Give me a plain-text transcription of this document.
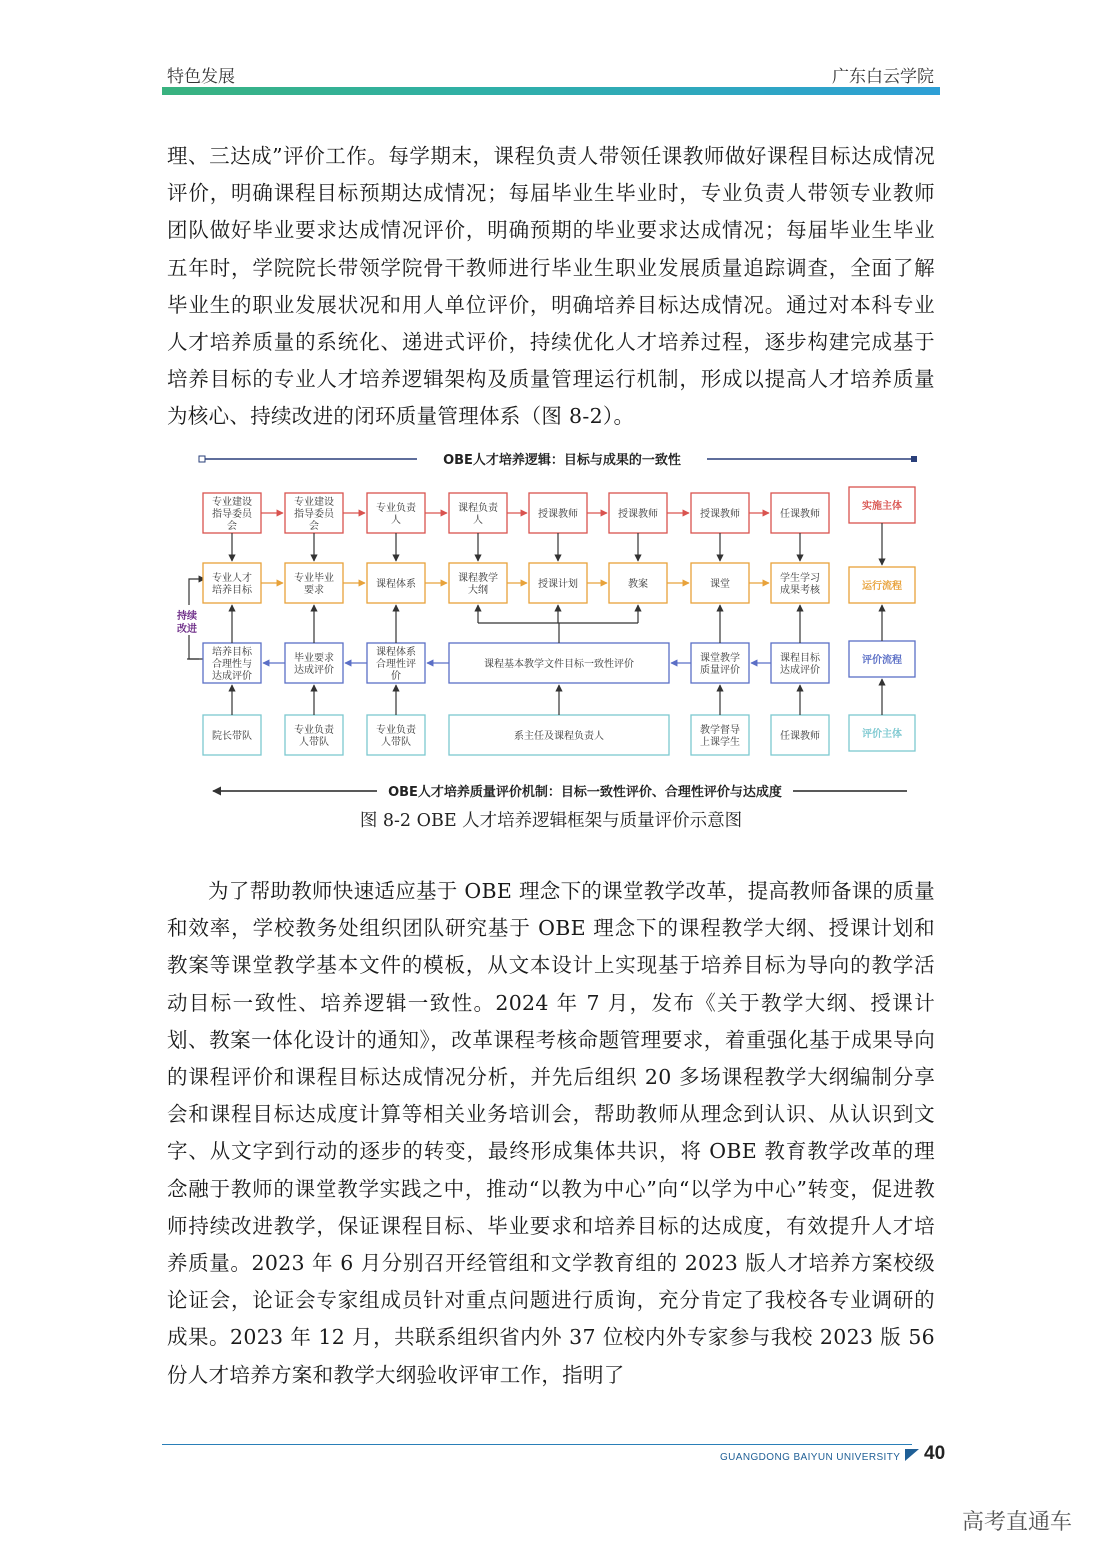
特色发展	广东白云学院

理、三达成”评价工作。每学期末，课程负责人带领任课教师做好课程目标达成情况评价，明确课程目标预期达成情况；每届毕业生毕业时，专业负责人带领专业教师团队做好毕业要求达成情况评价，明确预期的毕业要求达成情况；每届毕业生毕业五年时，学院院长带领学院骨干教师进行毕业生职业发展质量追踪调查，全面了解毕业生的职业发展状况和用人单位评价，明确培养目标达成情况。通过对本科专业人才培养质量的系统化、递进式评价，持续优化人才培养过程，逐步构建完成基于培养目标的专业人才培养逻辑架构及质量管理运行机制，形成以提高人才培养质量为核心、持续改进的闭环质量管理体系（图 8-2）。

OBE人才培养逻辑：目标与成果的一致性
OBE人才培养质量评价机制：目标一致性评价、合理性评价与达成度
持续
改进
专业建设
指导委员
会
专业建设
指导委员
会
专业负责
人
课程负责
人
授课教师	授课教师	授课教师	任课教师
专业人才
培养目标
专业毕业
要求
课程体系
课程教学
大纲
授课计划	教案	课堂
学生学习
成果考核
培养目标
合理性与
达成评价
毕业要求
达成评价
课程体系
合理性评
价
课程基本教学文件目标一致性评价
课堂教学
质量评价
课程目标
达成评价
院长带队
专业负责
人带队
专业负责
人带队
系主任及课程负责人
教学督导
上课学生
任课教师
实施主体
运行流程
评价流程
评价主体
图 8-2 OBE 人才培养逻辑框架与质量评价示意图

为了帮助教师快速适应基于 OBE 理念下的课堂教学改革，提高教师备课的质量和效率，学校教务处组织团队研究基于 OBE 理念下的课程教学大纲、授课计划和教案等课堂教学基本文件的模板，从文本设计上实现基于培养目标为导向的教学活动目标一致性、培养逻辑一致性。2024 年 7 月，发布《关于教学大纲、授课计划、教案一体化设计的通知》，改革课程考核命题管理要求，着重强化基于成果导向的课程评价和课程目标达成情况分析，并先后组织 20 多场课程教学大纲编制分享会和课程目标达成度计算等相关业务培训会，帮助教师从理念到认识、从认识到文字、从文字到行动的逐步的转变，最终形成集体共识，将 OBE 教育教学改革的理念融于教师的课堂教学实践之中，推动“以教为中心”向“以学为中心”转变，促进教师持续改进教学，保证课程目标、毕业要求和培养目标的达成度，有效提升人才培养质量。2023 年 6 月分别召开经管组和文学教育组的 2023 版人才培养方案校级论证会，论证会专家组成员针对重点问题进行质询，充分肯定了我校各专业调研的成果。2023 年 12 月，共联系组织省内外 37 位校内外专家参与我校 2023 版 56 份人才培养方案和教学大纲验收评审工作，指明了

GUANGDONG BAIYUN UNIVERSITY 40
高考直通车
